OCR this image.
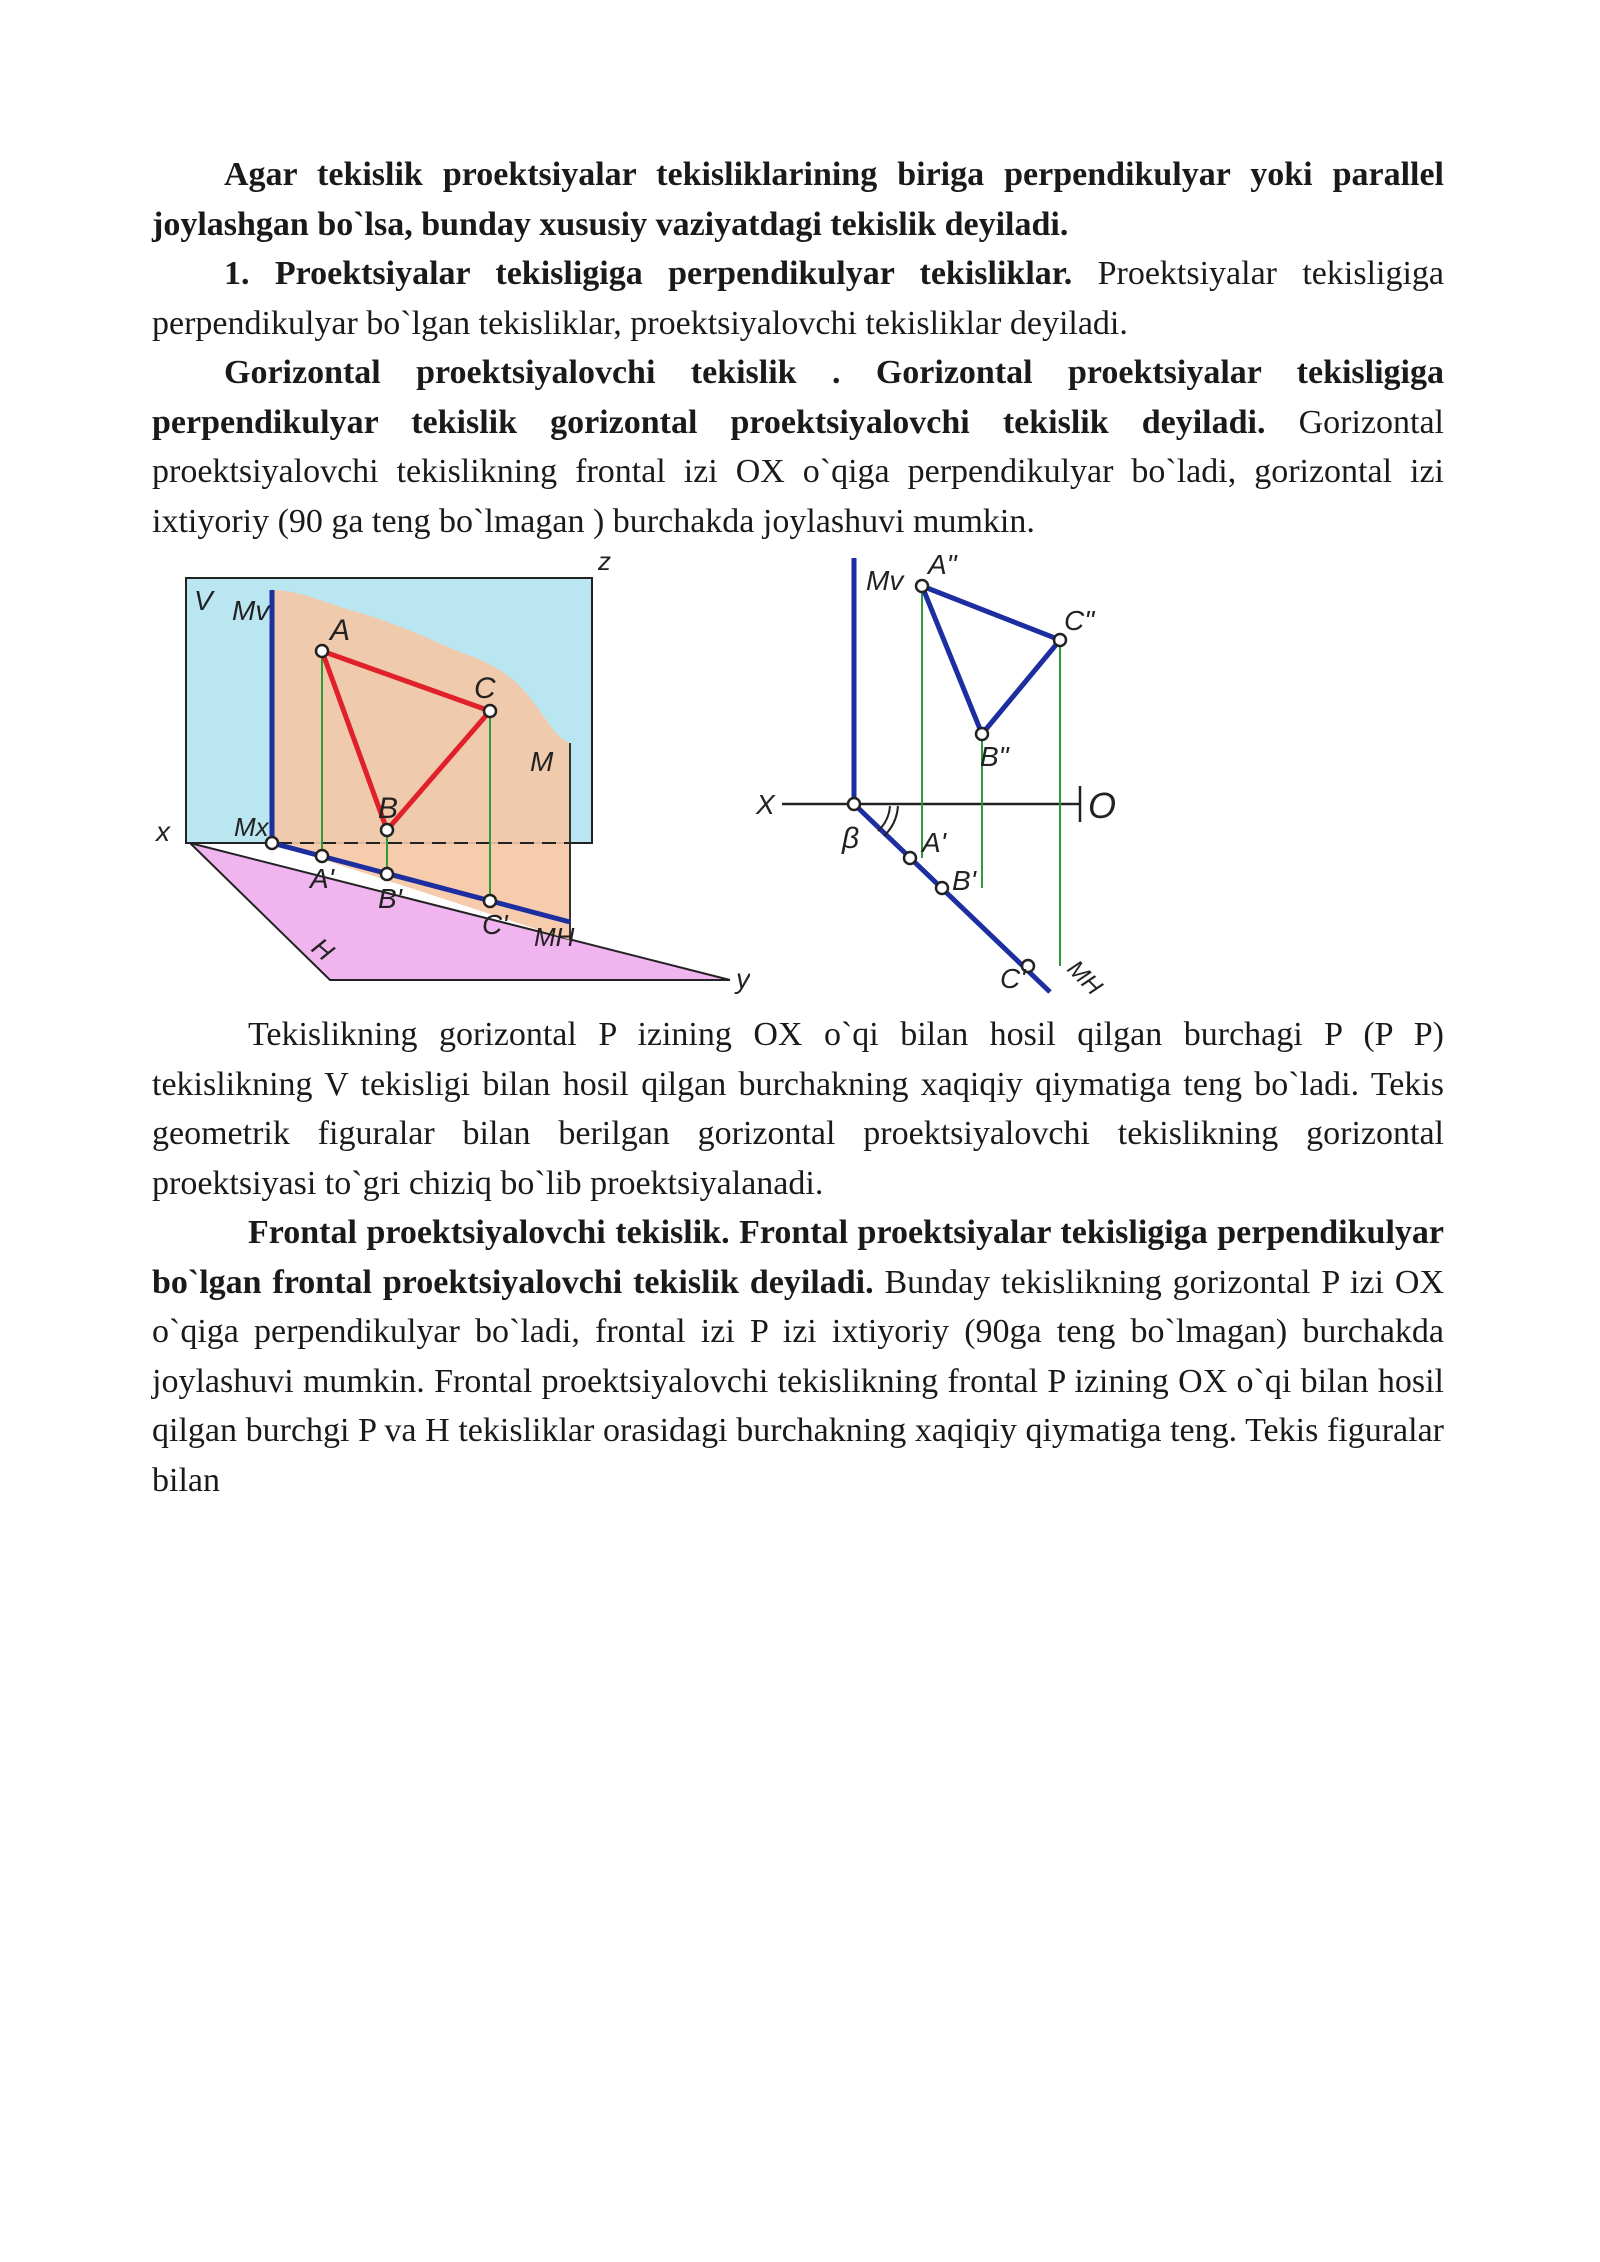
Agar tekislik proektsiyalar tekisliklarining biriga perpendikulyar yoki parallel joylashgan bo`lsa, bunday xususiy vaziyatdagi tekislik deyiladi.

1. Proektsiyalar tekisligiga perpendikulyar tekisliklar. Proektsiyalar tekisligiga perpendikulyar bo`lgan tekisliklar, proektsiyalovchi tekisliklar deyiladi.

Gorizontal proektsiyalovchi tekislik . Gorizontal proektsiyalar tekisligiga perpendikulyar tekislik gorizontal proektsiyalovchi tekislik deyiladi. Gorizontal proektsiyalovchi tekislikning frontal izi OX o`qiga perpendikulyar bo`ladi, gorizontal izi ixtiyoriy (90 ga teng bo`lmagan ) burchakda joylashuvi mumkin.

z
V Mv
A
C
M
B
x Mx
A'
B'
C' MH
H
y
Mv
A"
C"
B"
X	O
β A'
B'
C' MH

Tekislikning gorizontal P izining OX o`qi bilan hosil qilgan burchagi P (P P) tekislikning V tekisligi bilan hosil qilgan burchakning xaqiqiy qiymatiga teng bo`ladi. Tekis geometrik figuralar bilan berilgan gorizontal proektsiyalovchi tekislikning gorizontal proektsiyasi to`gri chiziq bo`lib proektsiyalanadi.

Frontal proektsiyalovchi tekislik. Frontal proektsiyalar tekisligiga perpendikulyar bo`lgan frontal proektsiyalovchi tekislik deyiladi. Bunday tekislikning gorizontal P izi OX o`qiga perpendikulyar bo`ladi, frontal izi P izi ixtiyoriy (90ga teng bo`lmagan) burchakda joylashuvi mumkin. Frontal proektsiyalovchi tekislikning frontal P izining OX o`qi bilan hosil qilgan burchgi P va H tekisliklar orasidagi burchakning xaqiqiy qiymatiga teng. Tekis figuralar bilan
